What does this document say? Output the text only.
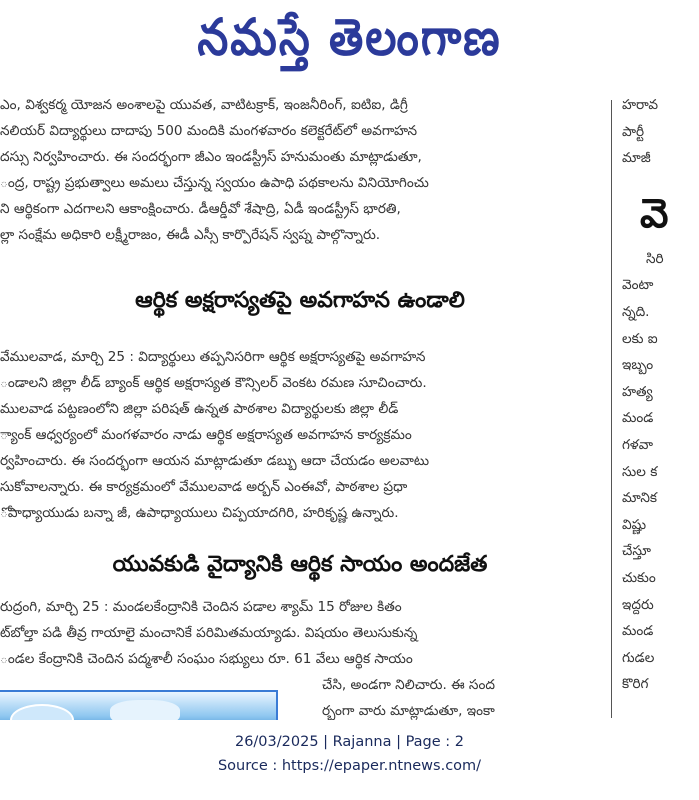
నమస్తే తెలంగాణ
ఎం, విశ్వకర్మ యోజన అంశాలపై యువత, వాటిటక్రాక్, ఇంజనీరింగ్, ఐటిఐ, డిగ్రీ
నలియర్ విద్యార్థులు దాదాపు 500 మందికి మంగళవారం కలెక్టరేట్‌లో అవగాహన
దస్సు నిర్వహించారు. ఈ సందర్భంగా జీఎం ఇండస్ట్రీస్ హనుమంతు మాట్లాడుతూ,
ంద్ర, రాష్ట్ర ప్రభుత్వాలు అమలు చేస్తున్న స్వయం ఉపాధి పథకాలను వినియోగించు
ని ఆర్థికంగా ఎదగాలని ఆకాంక్షించారు. డీఆర్డీవో శేషాద్రి, ఏడీ ఇండస్ట్రీస్ భారతి,
ల్లా సంక్షేమ అధికారి లక్ష్మీరాజం, ఈడీ ఎస్సీ కార్పొరేషన్ స్వప్న పాల్గొన్నారు.
ఆర్థిక అక్షరాస్యతపై అవగాహన ఉండాలి
వేములవాడ, మార్చి 25 : విద్యార్థులు తప్పనిసరిగా ఆర్థిక అక్షరాస్యతపై అవగాహన
ండాలని జిల్లా లీడ్ బ్యాంక్ ఆర్థిక అక్షరాస్యత కౌన్సిలర్ వెంకట రమణ సూచించారు.
ములవాడ పట్టణంలోని జిల్లా పరిషత్ ఉన్నత పాఠశాల విద్యార్థులకు జిల్లా లీడ్
్యాంక్ ఆధ్వర్యంలో మంగళవారం నాడు ఆర్థిక అక్షరాస్యత అవగాహన కార్యక్రమం
ర్వహించారు. ఈ సందర్భంగా ఆయన మాట్లాడుతూ డబ్బు ఆదా చేయడం అలవాటు
సుకోవాలన్నారు. ఈ కార్యక్రమంలో వేములవాడ అర్బన్ ఎంఈవో, పాఠశాల ప్రధా
ోపాధ్యాయుడు బన్నా జీ, ఉపాధ్యాయులు చిప్పయాదగిరి, హరికృష్ణ ఉన్నారు.
యువకుడి వైద్యానికి ఆర్థిక సాయం అందజేత
రుద్రంగి, మార్చి 25 : మండలకేంద్రానికి చెందిన పడాల శ్యామ్ 15 రోజుల కితం
ట్‌బోల్తా పడి తీవ్ర గాయాలై మంచానికే పరిమితమయ్యాడు. విషయం తెలుసుకున్న
ండల కేంద్రానికి చెందిన పద్మశాలీ సంఘం సభ్యులు రూ. 61 వేలు ఆర్థిక సాయం
చేసి, అండగా నిలిచారు. ఈ సంద
ర్భంగా వారు మాట్లాడుతూ, ఇంకా
హరావ
పార్టీ
మాజీ
వె
సిరి
వెంటా
న్నది.
లకు ఐ
ఇబ్బం
హత్య
మండ
గళవా
సుల క
మానిక
విష్ణు
చేస్తూ
చుకుం
ఇద్దరు
మండ
గుడల
కొరిగ
26/03/2025 | Rajanna | Page : 2
Source : https://epaper.ntnews.com/
